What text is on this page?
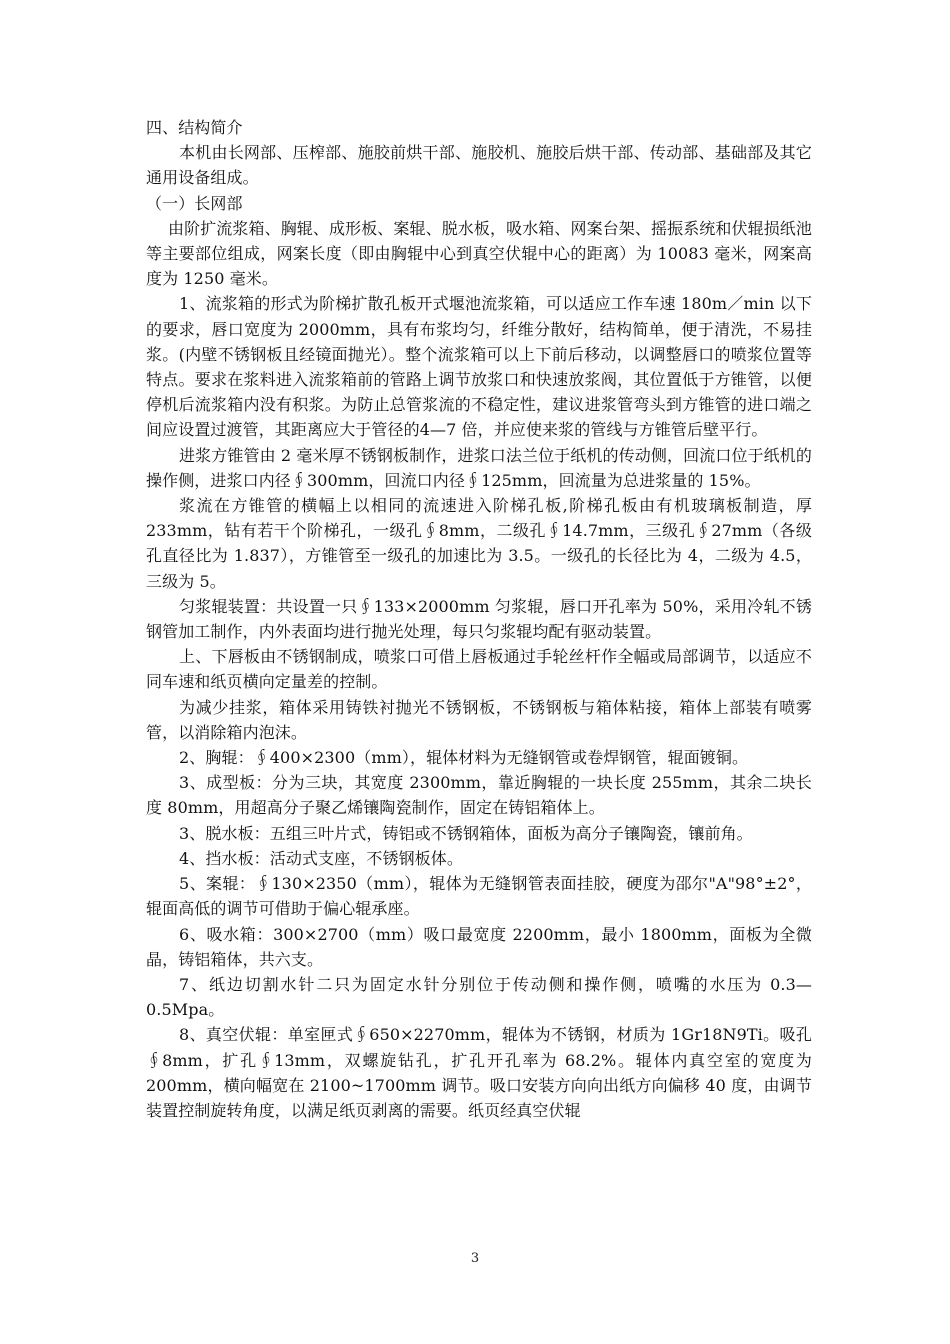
四、结构简介

本机由长网部、压榨部、施胶前烘干部、施胶机、施胶后烘干部、传动部、基础部及其它通用设备组成。

（一）长网部

由阶扩流浆箱、胸辊、成形板、案辊、脱水板，吸水箱、网案台架、摇振系统和伏辊损纸池等主要部位组成，网案长度（即由胸辊中心到真空伏辊中心的距离）为 10083 毫米，网案高度为 1250 毫米。

1、流浆箱的形式为阶梯扩散孔板开式堰池流浆箱，可以适应工作车速 180m／min 以下的要求，唇口宽度为 2000mm，具有布浆均匀，纤维分散好，结构简单，便于清洗，不易挂浆。(内壁不锈钢板且经镜面抛光）。整个流浆箱可以上下前后移动，以调整唇口的喷浆位置等特点。要求在浆料进入流浆箱前的管路上调节放浆口和快速放浆阀，其位置低于方锥管，以便停机后流浆箱内没有积浆。为防止总管浆流的不稳定性，建议进浆管弯头到方锥管的进口端之间应设置过渡管，其距离应大于管径的4—7 倍，并应使来浆的管线与方锥管后壁平行。

进浆方锥管由 2 毫米厚不锈钢板制作，进浆口法兰位于纸机的传动侧，回流口位于纸机的操作侧，进浆口内径∮300mm，回流口内径∮125mm，回流量为总进浆量的 15%。

浆流在方锥管的横幅上以相同的流速进入阶梯孔板,阶梯孔板由有机玻璃板制造，厚 233mm，钻有若干个阶梯孔，一级孔∮8mm，二级孔∮14.7mm，三级孔∮27mm（各级孔直径比为 1.837），方锥管至一级孔的加速比为 3.5。一级孔的长径比为 4，二级为 4.5，三级为 5。

匀浆辊装置：共设置一只∮133×2000mm 匀浆辊，唇口开孔率为 50%，采用冷轧不锈钢管加工制作，内外表面均进行抛光处理，每只匀浆辊均配有驱动装置。

上、下唇板由不锈钢制成，喷浆口可借上唇板通过手轮丝杆作全幅或局部调节，以适应不同车速和纸页横向定量差的控制。

为减少挂浆，箱体采用铸铁衬抛光不锈钢板，不锈钢板与箱体粘接，箱体上部装有喷雾管，以消除箱内泡沫。

2、胸辊：∮400×2300（mm），辊体材料为无缝钢管或卷焊钢管，辊面镀铜。

3、成型板：分为三块，其宽度 2300mm，靠近胸辊的一块长度 255mm，其余二块长度 80mm，用超高分子聚乙烯镶陶瓷制作，固定在铸铝箱体上。

3、脱水板：五组三叶片式，铸铝或不锈钢箱体，面板为高分子镶陶瓷，镶前角。

4、挡水板：活动式支座，不锈钢板体。

5、案辊：∮130×2350（mm），辊体为无缝钢管表面挂胶，硬度为邵尔"A"98°±2°，辊面高低的调节可借助于偏心辊承座。

6、吸水箱：300×2700（mm）吸口最宽度 2200mm，最小 1800mm，面板为全微晶，铸铝箱体，共六支。

7、纸边切割水针二只为固定水针分别位于传动侧和操作侧，喷嘴的水压为 0.3—0.5Mpa。

8、真空伏辊：单室匣式∮650×2270mm，辊体为不锈钢，材质为 1Gr18N9Ti。吸孔∮8mm，扩孔∮13mm，双螺旋钻孔，扩孔开孔率为 68.2%。辊体内真空室的宽度为 200mm，横向幅宽在 2100~1700mm 调节。吸口安装方向向出纸方向偏移 40 度，由调节装置控制旋转角度，以满足纸页剥离的需要。纸页经真空伏辊

3
